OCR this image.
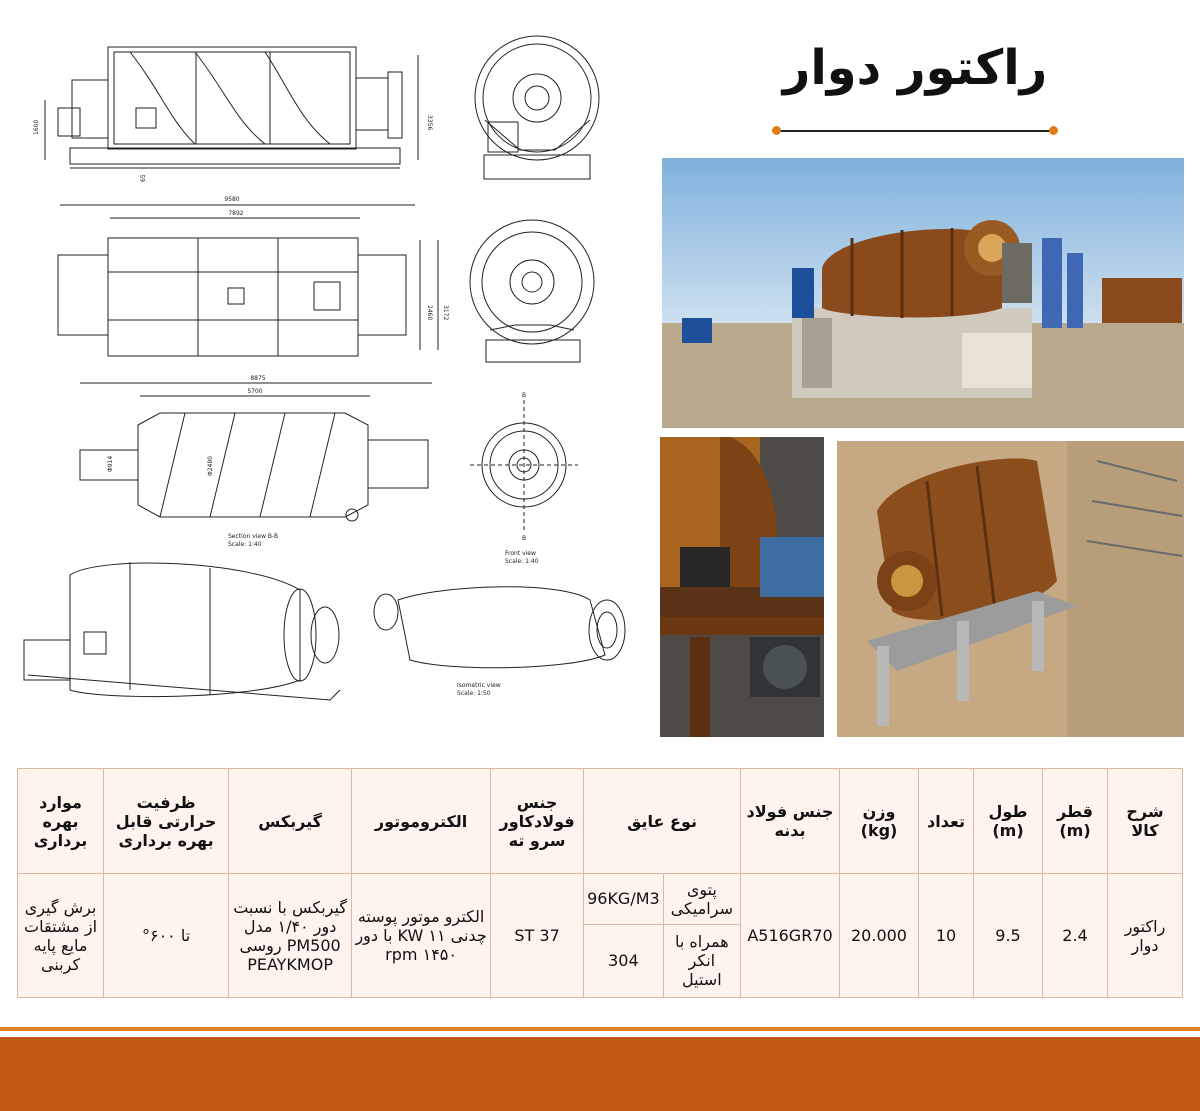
9580
7892
8875
5700
1600	3356
2460 3172
Φ914	Φ2480
65
B
B
Section view B-B
Scale: 1:40
Front view
Scale: 1:40
Isometric view
Scale: 1:50
راکتور دوار
شرح کالا	قطر (m)	طول (m)	تعداد	وزن (kg)	جنس فولاد بدنه	نوع عایق		جنس فولادکاور سرو ته	الکتروموتور	گیربکس	ظرفیت حرارتی قابل بهره برداری	موارد بهره برداری
راکتور دوار	2.4	9.5	10	20.000	A516GR70	پتوی سرامیکی	96KG/M3	ST 37	الکترو موتور پوسته چدنی ۱۱ KW با دور ۱۴۵۰ rpm	گیربکس با نسبت دور ۱/۴۰ مدل PM500 روسی PEAYKMOP	تا ۶۰۰°	برش گیری از مشتقات مایع پایه کربنی
						همراه با انکر استیل	304					
